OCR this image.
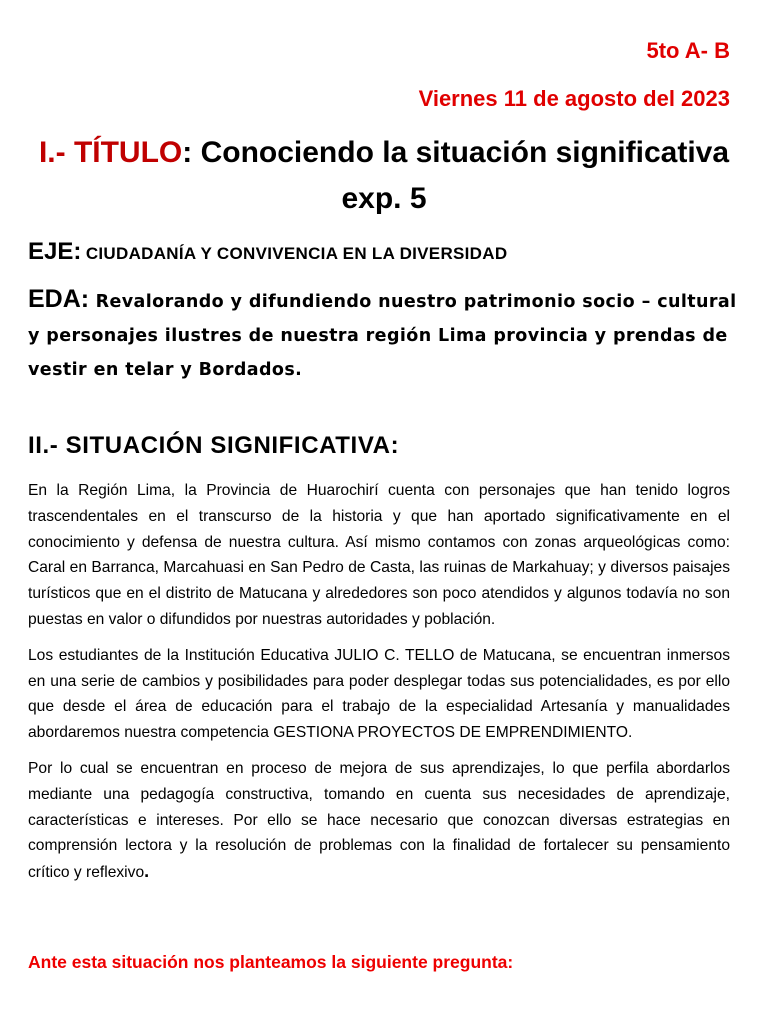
5to A- B
Viernes 11 de agosto del 2023
I.- TÍTULO: Conociendo la situación significativa exp. 5
EJE: CIUDADANÍA Y CONVIVENCIA EN LA DIVERSIDAD
EDA: Revalorando y difundiendo nuestro patrimonio socio – cultural y personajes ilustres de nuestra región Lima provincia y prendas de vestir en telar y Bordados.
II.- SITUACIÓN SIGNIFICATIVA:

En la Región Lima, la Provincia de Huarochirí cuenta con personajes que han tenido logros trascendentales en el transcurso de la historia y que han aportado significativamente en el conocimiento y defensa de nuestra cultura. Así mismo contamos con zonas arqueológicas como: Caral en Barranca, Marcahuasi en San Pedro de Casta, las ruinas de Markahuay; y diversos paisajes turísticos que en el distrito de Matucana y alrededores son poco atendidos y algunos todavía no son puestas en valor o difundidos por nuestras autoridades y población.

Los estudiantes de la Institución Educativa JULIO C. TELLO de Matucana, se encuentran inmersos en una serie de cambios y posibilidades para poder desplegar todas sus potencialidades, es por ello que desde el área de educación para el trabajo de la especialidad Artesanía y manualidades abordaremos nuestra competencia GESTIONA PROYECTOS DE EMPRENDIMIENTO.

Por lo cual se encuentran en proceso de mejora de sus aprendizajes, lo que perfila abordarlos mediante una pedagogía constructiva, tomando en cuenta sus necesidades de aprendizaje, características e intereses. Por ello se hace necesario que conozcan diversas estrategias en comprensión lectora y la resolución de problemas con la finalidad de fortalecer su pensamiento crítico y reflexivo.

Ante esta situación nos planteamos la siguiente pregunta:
